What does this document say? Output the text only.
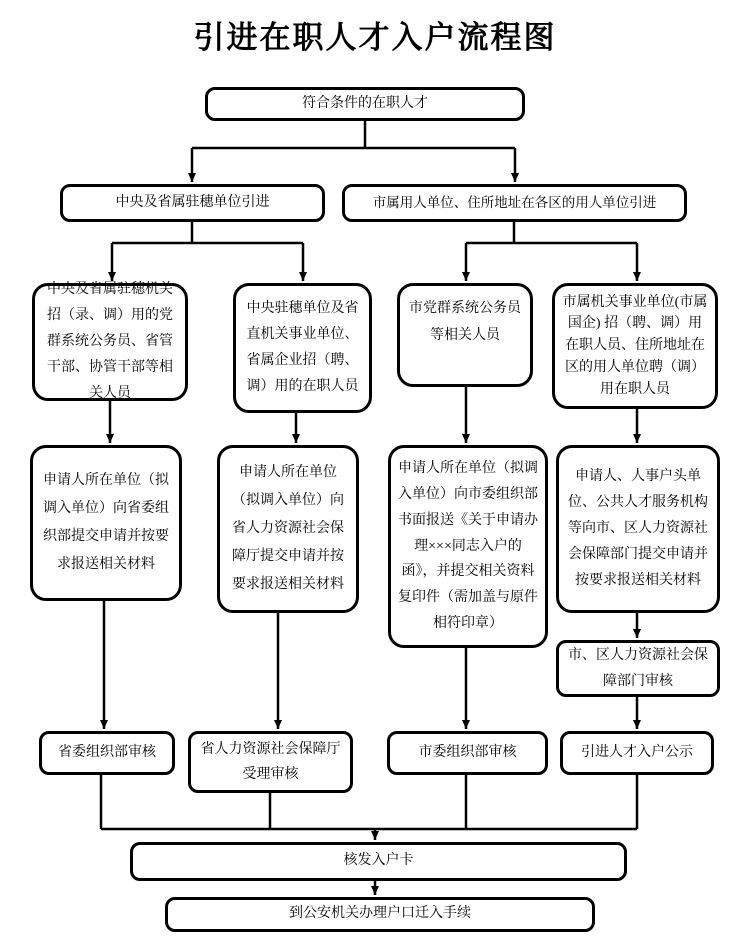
引进在职人才入户流程图
符合条件的在职人才
中央及省属驻穗单位引进	市属用人单位、住所地址在各区的用人单位引进
中央及省属驻穗机关招（录、调）用的党群系统公务员、省管干部、协管干部等相关人员
中央驻穗单位及省直机关事业单位、省属企业招（聘、调）用的在职人员
市党群系统公务员等相关人员
市属机关事业单位(市属国企) 招（聘、调）用在职人员、住所地址在区的用人单位聘（调）用在职人员
申请人所在单位（拟调入单位）向省委组织部提交申请并按要求报送相关材料
申请人所在单位（拟调入单位）向省人力资源社会保障厅提交申请并按要求报送相关材料
申请人所在单位（拟调入单位）向市委组织部书面报送《关于申请办理×××同志入户的函》，并提交相关资料复印件（需加盖与原件相符印章）
申请人、人事户头单位、公共人才服务机构等向市、区人力资源社会保障部门提交申请并按要求报送相关材料
市、区人力资源社会保障部门审核
省委组织部审核	省人力资源社会保障厅受理审核
市委组织部审核	引进人才入户公示
核发入户卡
到公安机关办理户口迁入手续
